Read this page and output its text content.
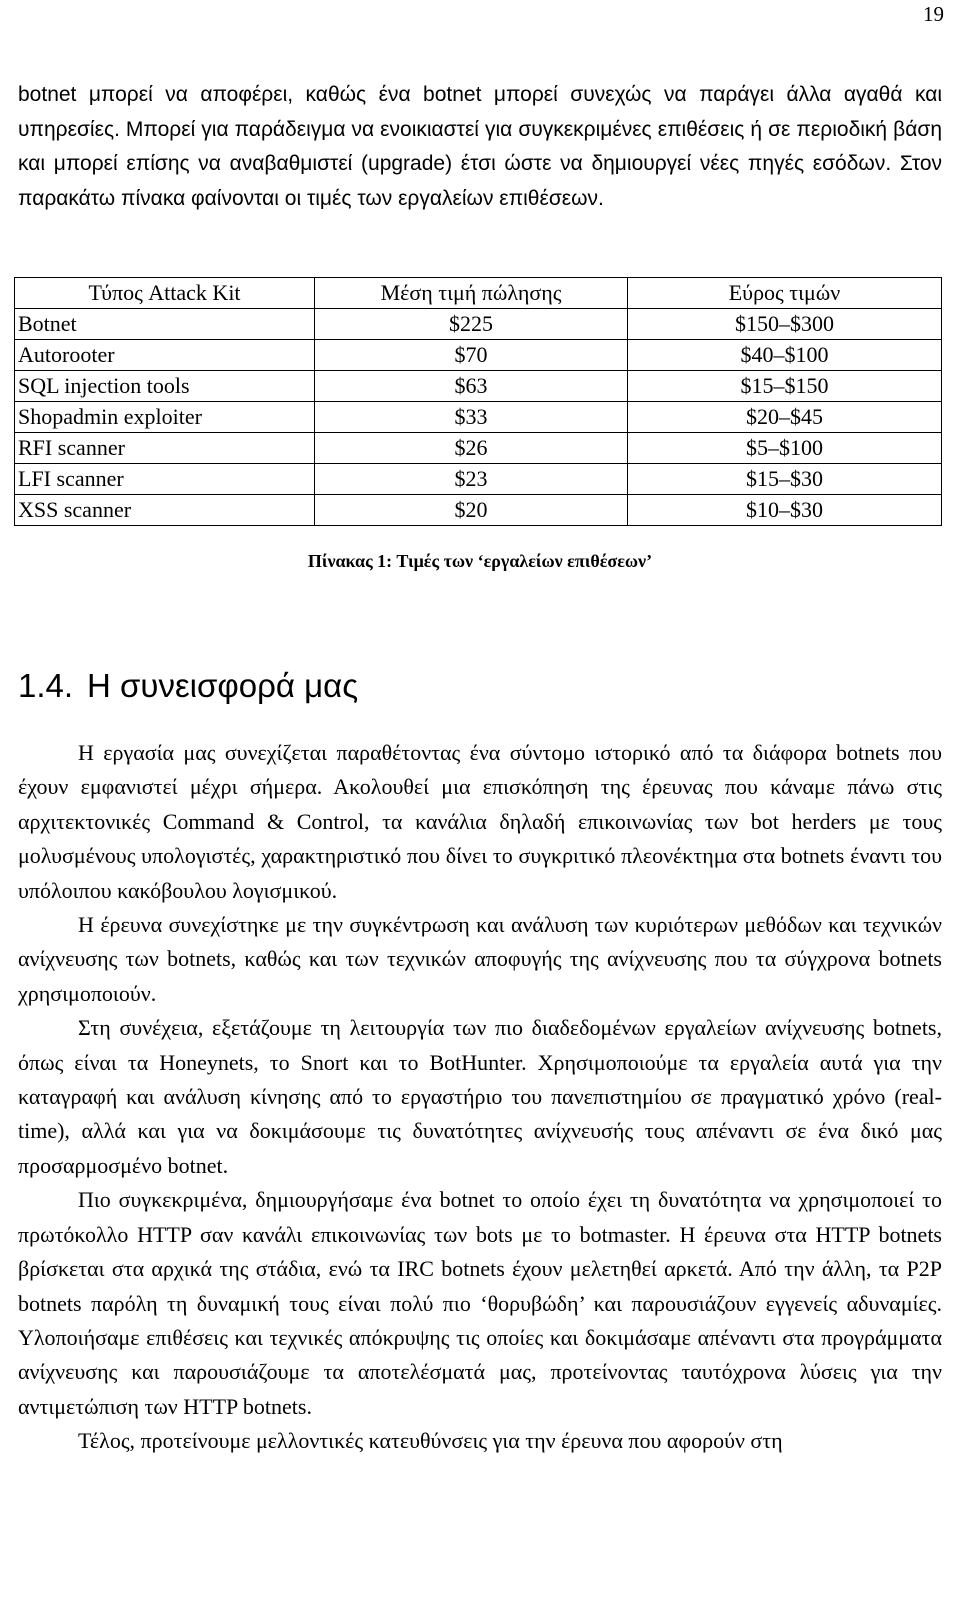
19

botnet μπορεί να αποφέρει, καθώς ένα botnet μπορεί συνεχώς να παράγει άλλα αγαθά και υπηρεσίες. Μπορεί για παράδειγμα να ενοικιαστεί για συγκεκριμένες επιθέσεις ή σε περιοδική βάση και μπορεί επίσης να αναβαθμιστεί (upgrade) έτσι ώστε να δημιουργεί νέες πηγές εσόδων. Στον παρακάτω πίνακα φαίνονται οι τιμές των εργαλείων επιθέσεων.

Τύπος Attack Kit	Μέση τιμή πώλησης	Εύρος τιμών
Botnet	$225	$150–$300
Autorooter	$70	$40–$100
SQL injection tools	$63	$15–$150
Shopadmin exploiter	$33	$20–$45
RFI scanner	$26	$5–$100
LFI scanner	$23	$15–$30
XSS scanner	$20	$10–$30
Πίνακας 1: Τιμές των ‘εργαλείων επιθέσεων’
1.4. Η συνεισφορά μας

Η εργασία μας συνεχίζεται παραθέτοντας ένα σύντομο ιστορικό από τα διάφορα botnets που έχουν εμφανιστεί μέχρι σήμερα. Ακολουθεί μια επισκόπηση της έρευνας που κάναμε πάνω στις αρχιτεκτονικές Command & Control, τα κανάλια δηλαδή επικοινωνίας των bot herders με τους μολυσμένους υπολογιστές, χαρακτηριστικό που δίνει το συγκριτικό πλεονέκτημα στα botnets έναντι του υπόλοιπου κακόβουλου λογισμικού.

Η έρευνα συνεχίστηκε με την συγκέντρωση και ανάλυση των κυριότερων μεθόδων και τεχνικών ανίχνευσης των botnets, καθώς και των τεχνικών αποφυγής της ανίχνευσης που τα σύγχρονα botnets χρησιμοποιούν.

Στη συνέχεια, εξετάζουμε τη λειτουργία των πιο διαδεδομένων εργαλείων ανίχνευσης botnets, όπως είναι τα Honeynets, το Snort και το BotHunter. Χρησιμοποιούμε τα εργαλεία αυτά για την καταγραφή και ανάλυση κίνησης από το εργαστήριο του πανεπιστημίου σε πραγματικό χρόνο (real-time), αλλά και για να δοκιμάσουμε τις δυνατότητες ανίχνευσής τους απέναντι σε ένα δικό μας προσαρμοσμένο botnet.

Πιο συγκεκριμένα, δημιουργήσαμε ένα botnet το οποίο έχει τη δυνατότητα να χρησιμοποιεί το πρωτόκολλο HTTP σαν κανάλι επικοινωνίας των bots με το botmaster. Η έρευνα στα HTTP botnets βρίσκεται στα αρχικά της στάδια, ενώ τα IRC botnets έχουν μελετηθεί αρκετά. Από την άλλη, τα P2P botnets παρόλη τη δυναμική τους είναι πολύ πιο ‘θορυβώδη’ και παρουσιάζουν εγγενείς αδυναμίες. Υλοποιήσαμε επιθέσεις και τεχνικές απόκρυψης τις οποίες και δοκιμάσαμε απέναντι στα προγράμματα ανίχνευσης και παρουσιάζουμε τα αποτελέσματά μας, προτείνοντας ταυτόχρονα λύσεις για την αντιμετώπιση των HTTP botnets.

Τέλος, προτείνουμε μελλοντικές κατευθύνσεις για την έρευνα που αφορούν στη
